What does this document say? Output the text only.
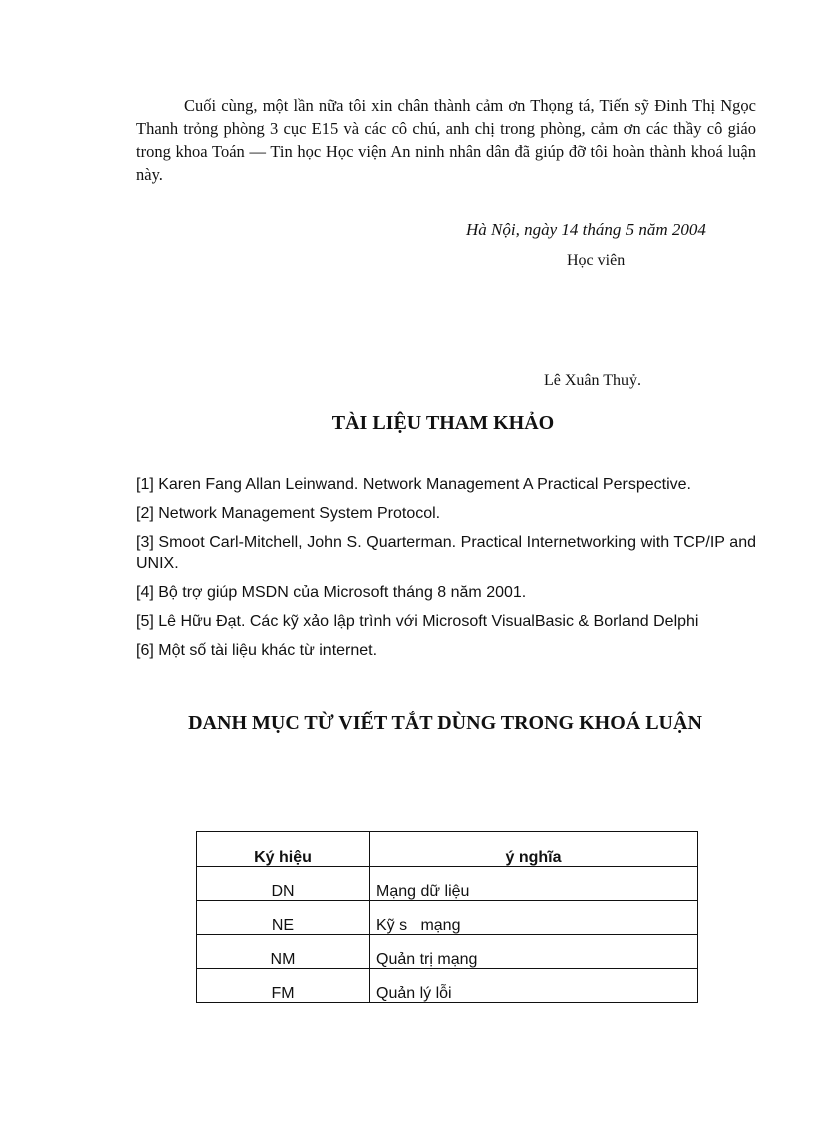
Cuối cùng, một lần nữa tôi xin chân thành cảm ơn Thọng tá, Tiến sỹ Đinh Thị Ngọc Thanh trỏng phòng 3 cục E15 và các cô chú, anh chị trong phòng, cảm ơn các thầy cô giáo trong khoa Toán — Tin học Học viện An ninh nhân dân đã giúp đỡ tôi hoàn thành khoá luận này.

Hà Nội, ngày 14 tháng 5 năm 2004
Học viên
Lê Xuân Thuỷ.
TÀI LIỆU THAM KHẢO
[1] Karen Fang Allan Leinwand. Network Management A Practical Perspective.
[2] Network Management System Protocol.
[3] Smoot Carl-Mitchell, John S. Quarterman. Practical Internetworking with TCP/IP and UNIX.
[4] Bộ trợ giúp MSDN của Microsoft tháng 8 năm 2001.
[5] Lê Hữu Đạt. Các kỹ xảo lập trình với Microsoft VisualBasic & Borland Delphi
[6] Một số tài liệu khác từ internet.
DANH MỤC TỪ VIẾT TẮT DÙNG TRONG KHOÁ LUẬN
Ký hiệu	ý nghĩa
DN	Mạng dữ liệu
NE	Kỹ s   mạng
NM	Quản trị mạng
FM	Quản lý lỗi
